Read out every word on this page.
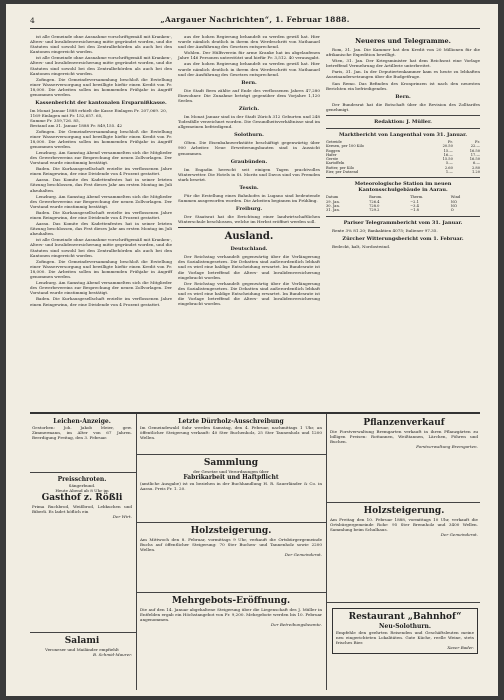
4	„Aargauer Nachrichten“, 1. Februar 1888.

ist alle Gemeinde ohne Ausnahme vorschriftgemäß mit Kranken-, Alters- und Invalidenversicherung mitte gegründet worden, und die Statuten sind sowohl bei den Zentralbehörden als auch bei den Kantonen eingereicht worden.

ist alle Gemeinde ohne Ausnahme vorschriftgemäß mit Kranken-, Alters- und Invalidenversicherung mitte gegründet worden, und die Statuten sind sowohl bei den Zentralbehörden als auch bei den Kantonen eingereicht worden.

Zofingen. Die Gemeindeversammlung beschloß die Erstellung einer Wasserversorgung und bewilligte hiefür einen Kredit von Fr. 18,000. Die Arbeiten sollen im kommenden Frühjahr in Angriff genommen werden.

Kassenbericht der kantonalen Ersparnißkasse.
Im Monat Januar 1888 erhielt die Kasse Einlagen Fr. 207,069. 20,
1169 Einlagen mit Fr. 152,657. 65,
Summe Fr. 359,726. 85,
Bestand am 31. Januar 1888 Fr. 849,155. 42

Zofingen. Die Gemeindeversammlung beschloß die Erstellung einer Wasserversorgung und bewilligte hiefür einen Kredit von Fr. 18,000. Die Arbeiten sollen im kommenden Frühjahr in Angriff genommen werden.

Lenzburg. Am Samstag Abend versammelten sich die Mitglieder des Gewerbevereins zur Besprechung der neuen Zollvorlagen. Der Vorstand wurde einstimmig bestätigt.

Baden. Die Kurhausgesellschaft erzielte im verflossenen Jahre einen Reingewinn, der eine Dividende von 4 Prozent gestattet.

Aarau. Das Komite des Kadettenfestes hat in seiner letzten Sitzung beschlossen, das Fest dieses Jahr am ersten Montag im Juli abzuhalten.

Lenzburg. Am Samstag Abend versammelten sich die Mitglieder des Gewerbevereins zur Besprechung der neuen Zollvorlagen. Der Vorstand wurde einstimmig bestätigt.

Baden. Die Kurhausgesellschaft erzielte im verflossenen Jahre einen Reingewinn, der eine Dividende von 4 Prozent gestattet.

Aarau. Das Komite des Kadettenfestes hat in seiner letzten Sitzung beschlossen, das Fest dieses Jahr am ersten Montag im Juli abzuhalten.

ist alle Gemeinde ohne Ausnahme vorschriftgemäß mit Kranken-, Alters- und Invalidenversicherung mitte gegründet worden, und die Statuten sind sowohl bei den Zentralbehörden als auch bei den Kantonen eingereicht worden.

Zofingen. Die Gemeindeversammlung beschloß die Erstellung einer Wasserversorgung und bewilligte hiefür einen Kredit von Fr. 18,000. Die Arbeiten sollen im kommenden Frühjahr in Angriff genommen werden.

Lenzburg. Am Samstag Abend versammelten sich die Mitglieder des Gewerbevereins zur Besprechung der neuen Zollvorlagen. Der Vorstand wurde einstimmig bestätigt.

Baden. Die Kurhausgesellschaft erzielte im verflossenen Jahre einen Reingewinn, der eine Dividende von 4 Prozent gestattet.

aus der hohen Regierung behandelt zu werden gewiß hat. Hier wurde nämlich deutlich in ihrem den Werdeschritt von Nathanael und der Ausführung des Gesetzes entsprechend.

Wohlen. Der Hülfsverein für arme Kranke hat im abgelaufenen Jahre 146 Personen unterstützt und hiefür Fr. 3,512. 40 verausgabt.

aus der hohen Regierung behandelt zu werden gewiß hat. Hier wurde nämlich deutlich in ihrem den Werdeschritt von Nathanael und der Ausführung des Gesetzes entsprechend.

Bern.

Die Stadt Bern zählte auf Ende des verflossenen Jahres 47,280 Einwohner. Die Zunahme beträgt gegenüber dem Vorjahre 1,120 Seelen.

Zürich.

Im Monat Januar sind in der Stadt Zürich 312 Geburten und 248 Todesfälle verzeichnet worden. Die Gesundheitsverhältnisse sind im allgemeinen befriedigend.

Solothurn.

Olten. Die Eisenbahnwerkstätte beschäftigt gegenwärtig über 900 Arbeiter. Neue Erweiterungsbauten sind in Aussicht genommen.

Graubünden.

Im Engadin herrscht seit einigen Tagen prachtvolles Winterwetter. Die Hotels in St. Moritz und Davos sind von Fremden stark besetzt.

Tessin.

Für die Erstellung eines Bahnhofes in Lugano sind bedeutende Summen ausgeworfen worden. Die Arbeiten beginnen im Frühling.

Freiburg.

Der Staatsrat hat die Errichtung einer landwirtschaftlichen Winterschule beschlossen, welche im Herbst eröffnet werden soll.

Ausland.
Deutschland.

Der Reichstag verhandelt gegenwärtig über die Verlängerung des Sozialistengesetzes. Die Debatten sind außerordentlich lebhaft und es wird eine baldige Entscheidung erwartet. Im Bundesrate ist die Vorlage betreffend die Alters- und Invalidenversicherung eingebracht worden.

Der Reichstag verhandelt gegenwärtig über die Verlängerung des Sozialistengesetzes. Die Debatten sind außerordentlich lebhaft und es wird eine baldige Entscheidung erwartet. Im Bundesrate ist die Vorlage betreffend die Alters- und Invalidenversicherung eingebracht worden.

Neueres und Telegramme.

Rom, 31. Jan. Die Kammer hat den Kredit von 20 Millionen für die afrikanische Expedition bewilligt.

Wien, 31. Jan. Der Kriegsminister hat dem Reichsrat eine Vorlage betreffend Vermehrung der Artillerie unterbreitet.

Paris, 31. Jan. In der Deputiertenkammer kam es heute zu lebhaften Auseinandersetzungen über die Budgetfrage.

San Remo. Das Befinden des Kronprinzen ist nach den neuesten Berichten ein befriedigendes.

Bern.

Der Bundesrat hat die Botschaft über die Revision des Zolltarifes genehmigt.

Redaktion: J. Müller.
Marktbericht von Langenthal vom 31. Januar.
Getreide	Fr.	Fr.
Kernen, per 100 Kilo	20.50	22.—
Roggen	15.—	16.50
Hafer	16.—	17.—
Gerste	15.50	16.50
Kartoffeln	5.—	6.—
Butter, per Kilo	2.60	2.80
Eier, per Dutzend	1.—	1.20
Meteorologische Station im neuen Kantonsschulgebäude in Aarau.
Datum	Barom.	Therm.	Wind
29. Jan.	726.4	−2.1	NO
30. Jan.	728.0	−3.4	NO
31. Jan.	729.2	−1.8	O
Pariser Telegrammbericht vom 31. Januar.

Rente 3% 81.20; Bankaktien 4075; Italiener 97.35.

Zürcher Witterungsbericht vom 1. Februar.

Bedeckt, kalt, Nordostwind.

Leichen-Anzeige.
Gestorben: Joh. Jakob Meier, gew. Zimmermann, im Alter von 67 Jahren. Beerdigung Freitag, den 3. Februar.
Preisschroten.
Sängerbund.
Heute Abend ab 8 Uhr im
Gasthof z. Rößli
Prima Ruchbrod, Weißbrod, Lebkuchen und Biberli. Es ladet höflich ein
Der Wirt.
Salami
Veroneser und Mailänder empfiehlt
B. Schmid-Maurer.
Letzte Dürrholz-Ausschreibung
Im Gemeindewald Suhr werden Samstag, den 4. Februar, nachmittags 1 Uhr, an öffentlicher Steigerung verkauft: 40 Ster Buchenholz, 25 Ster Tannenholz und 1200 Wellen.
Sammlung
der Gesetze und Verordnungen über
Fabrikarbeit und Haftpflicht
(amtliche Ausgabe) ist zu beziehen in der Buchhandlung H. R. Sauerländer & Co. in Aarau. Preis Fr. 1. 20.
Holzsteigerung.
Am Mittwoch den 8. Februar, vormittags 9 Uhr, verkauft die Ortsbürgergemeinde Buchs auf öffentlicher Steigerung: 70 Ster Buchen- und Tannenholz sowie 2200 Wellen.
Der Gemeinderat.
Mehrgebots-Eröffnung.
Die auf den 14. Januar abgehaltene Steigerung über die Liegenschaft des J. Müller in Entfelden ergab ein Höchstangebot von Fr. 9,200. Mehrgebote werden bis 10. Februar angenommen.
Der Betreibungsbeamte.
Pflanzenverkauf
Die Forstverwaltung Bremgarten verkauft in ihren Pflanzgärten zu billigen Preisen: Rottannen, Weißtannen, Lärchen, Föhren und Buchen.
Forstverwaltung Bremgarten.
Holzsteigerung.
Am Freitag den 10. Februar 1888, vormittags 10 Uhr, verkauft die Ortsbürgergemeinde Rohr: 95 Ster Brennholz und 3400 Wellen. Sammlung beim Schulhaus.
Der Gemeinderat.
Restaurant „Bahnhof“
Neu-Solothurn.
Empfehle den geehrten Reisenden und Geschäftsleuten meine neu eingerichteten Lokalitäten. Gute Küche, reelle Weine, stets frisches Bier.
Xaver Bader.
